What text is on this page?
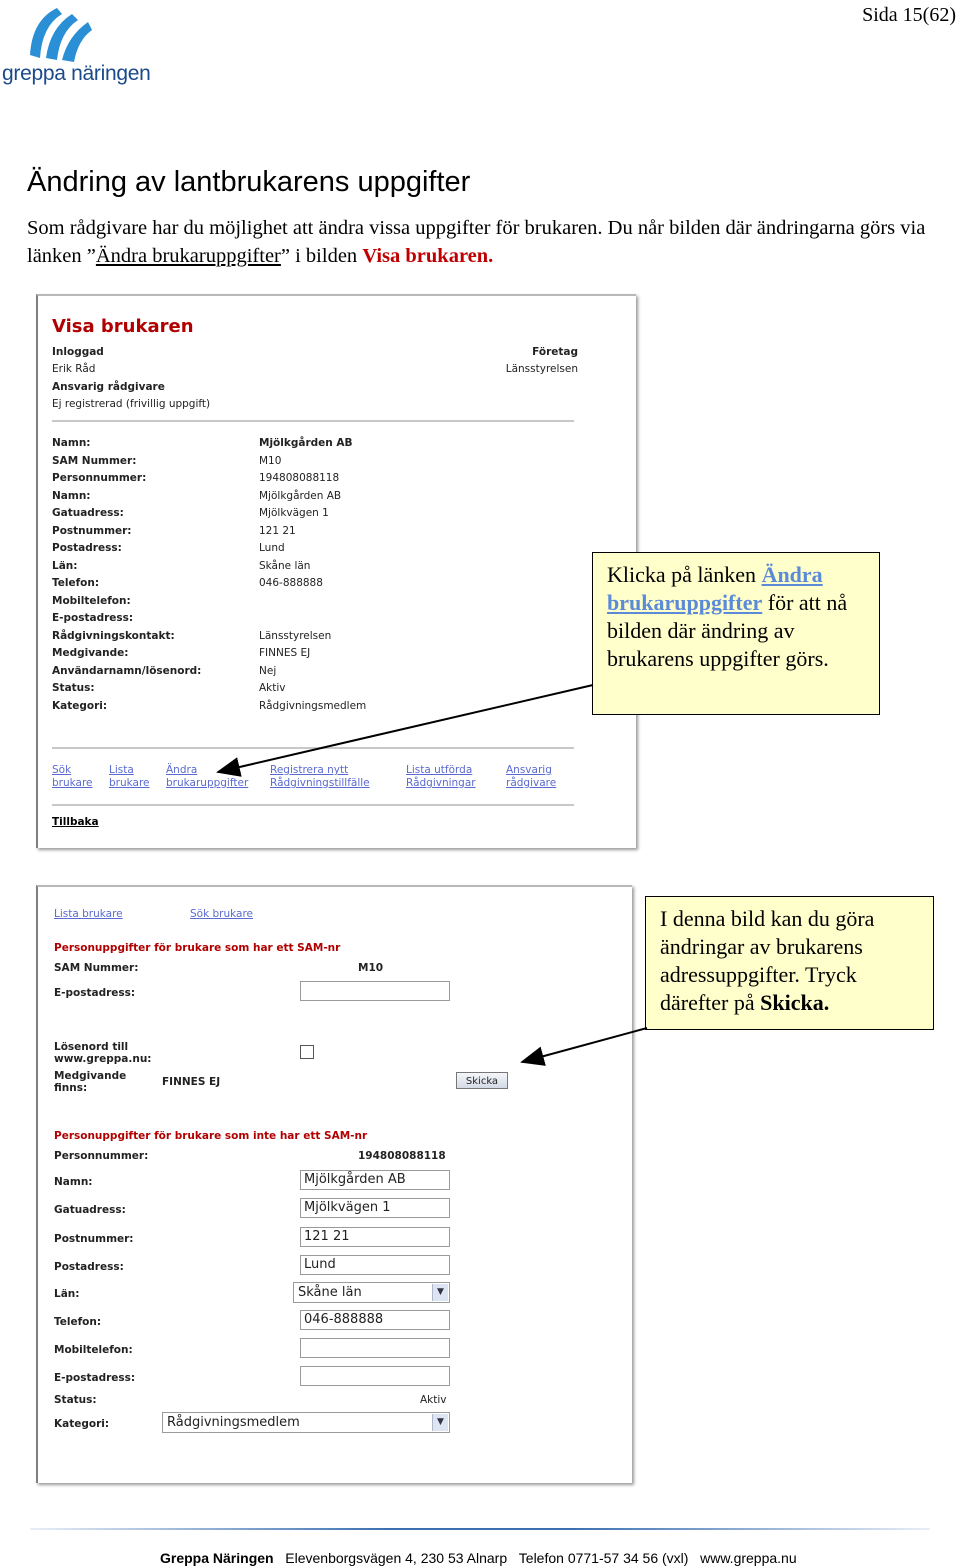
greppa näringen
Sida 15(62)
Ändring av lantbrukarens uppgifter
Som rådgivare har du möjlighet att ändra vissa uppgifter för brukaren. Du når bilden där ändringarna görs via länken ”Ändra brukaruppgifter” i bilden Visa brukaren.
Visa brukaren
Inloggad
Erik Råd
Ansvarig rådgivare
Ej registrerad (frivillig uppgift)
Företag
Länsstyrelsen
Namn:	Mjölkgården AB
SAM Nummer:	M10
Personnummer:	194808088118
Namn:	Mjölkgården AB
Gatuadress:	Mjölkvägen 1
Postnummer:	121 21
Postadress:	Lund
Län:	Skåne län
Telefon:	046-888888
Mobiltelefon:
E-postadress:
Rådgivningskontakt:	Länsstyrelsen
Medgivande:	FINNES EJ
Användarnamn/lösenord:	Nej
Status:	Aktiv
Kategori:	Rådgivningsmedlem
Sök
brukare
Lista
brukare
Ändra
brukaruppgifter
Registrera nytt
Rådgivningstillfälle
Lista utförda
Rådgivningar
Ansvarig
rådgivare
Tillbaka
Klicka på länken Ändra brukaruppgifter för att nå bilden där ändring av brukarens uppgifter görs.
Lista brukare	Sök brukare
Personuppgifter för brukare som har ett SAM-nr
SAM Nummer:	M10
E-postadress:
Lösenord till
www.greppa.nu:
Medgivande
finns:	FINNES EJ	Skicka
Personuppgifter för brukare som inte har ett SAM-nr
Personnummer:	194808088118
Namn:	Mjölkgården AB
Gatuadress:	Mjölkvägen 1
Postnummer:	121 21
Postadress:	Lund
Län:	Skåne län	▼
Telefon:	046-888888
Mobiltelefon:
E-postadress:
Status:	Aktiv
Kategori:	Rådgivningsmedlem	▼
I denna bild kan du göra ändringar av brukarens adressuppgifter. Tryck därefter på Skicka.
Greppa Näringen Elevenborgsvägen 4, 230 53 Alnarp Telefon 0771-57 34 56 (vxl) www.greppa.nu
